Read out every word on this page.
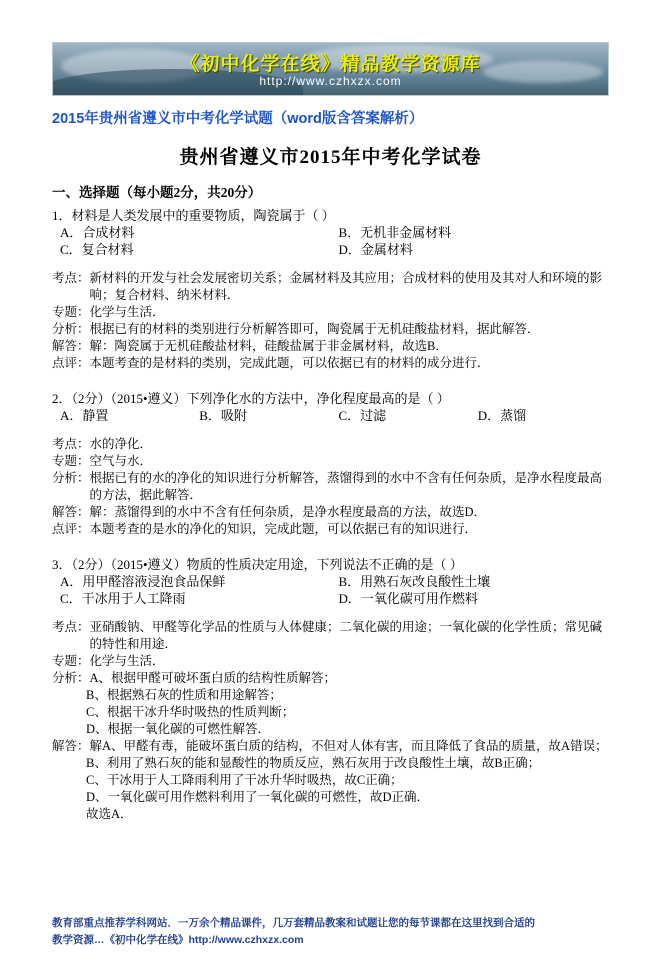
《初中化学在线》精品教学资源库
http://www.czhxzx.com
2015年贵州省遵义市中考化学试题（word版含答案解析）
贵州省遵义市2015年中考化学试卷
一、选择题（每小题2分，共20分）
1．材料是人类发展中的重要物质，陶瓷属于（ ）
A．合成材料	B．无机非金属材料
C．复合材料	D．金属材料
考点： 新材料的开发与社会发展密切关系；金属材料及其应用；合成材料的使用及其对人和环境的影响；复合材料、纳米材料．
专题： 化学与生活．
分析： 根据已有的材料的类别进行分析解答即可，陶瓷属于无机硅酸盐材料，据此解答．
解答： 解：陶瓷属于无机硅酸盐材料，硅酸盐属于非金属材料，故选B．
点评： 本题考查的是材料的类别，完成此题，可以依据已有的材料的成分进行．
2．（2分）（2015•遵义）下列净化水的方法中，净化程度最高的是（ ）
A．静置	B．吸附	C．过滤	D．蒸馏
考点： 水的净化．
专题： 空气与水．
分析： 根据已有的水的净化的知识进行分析解答，蒸馏得到的水中不含有任何杂质，是净水程度最高的方法，据此解答．
解答： 解：蒸馏得到的水中不含有任何杂质，是净水程度最高的方法，故选D．
点评： 本题考查的是水的净化的知识，完成此题，可以依据已有的知识进行．
3．（2分）（2015•遵义）物质的性质决定用途，下列说法不正确的是（ ）
A．用甲醛溶液浸泡食品保鲜	B．用熟石灰改良酸性土壤
C．干冰用于人工降雨	D．一氧化碳可用作燃料
考点： 亚硝酸钠、甲醛等化学品的性质与人体健康；二氧化碳的用途；一氧化碳的化学性质；常见碱的特性和用途．
专题： 化学与生活．
分析： A、根据甲醛可破坏蛋白质的结构性质解答；
B、根据熟石灰的性质和用途解答；
C、根据干冰升华时吸热的性质判断；
D、根据一氧化碳的可燃性解答．
解答： 解A、甲醛有毒，能破坏蛋白质的结构，不但对人体有害，而且降低了食品的质量，故A错误；
B、利用了熟石灰的能和显酸性的物质反应，熟石灰用于改良酸性土壤，故B正确；
C、干冰用于人工降雨利用了干冰升华时吸热，故C正确；
D、一氧化碳可用作燃料利用了一氧化碳的可燃性，故D正确．
故选A．
教育部重点推荐学科网站．一万余个精品课件，几万套精品教案和试题让您的每节课都在这里找到合适的
教学资源…《初中化学在线》http://www.czhxzx.com
